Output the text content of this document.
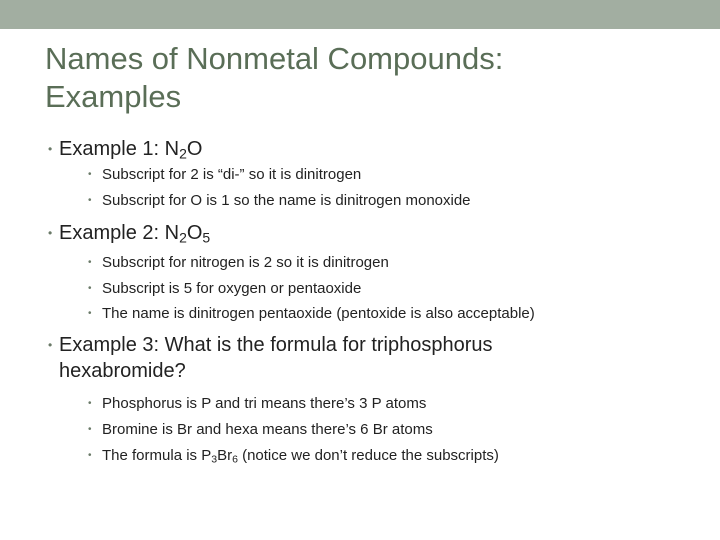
Names of Nonmetal Compounds:
Examples
• Example 1: $N_2O$
• Subscript for 2 is “di-” so it is dinitrogen
• Subscript for O is 1 so the name is dinitrogen monoxide
• Example 2: $N_2O_5$
• Subscript for nitrogen is 2 so it is dinitrogen
• Subscript is 5 for oxygen or pentaoxide
• The name is dinitrogen pentaoxide (pentoxide is also acceptable)
• Example 3: What is the formula for triphosphorus
hexabromide?
• Phosphorus is P and tri means there’s 3 P atoms
• Bromine is Br and hexa means there’s 6 Br atoms
• The formula is $P_3Br_6$ (notice we don’t reduce the subscripts)
